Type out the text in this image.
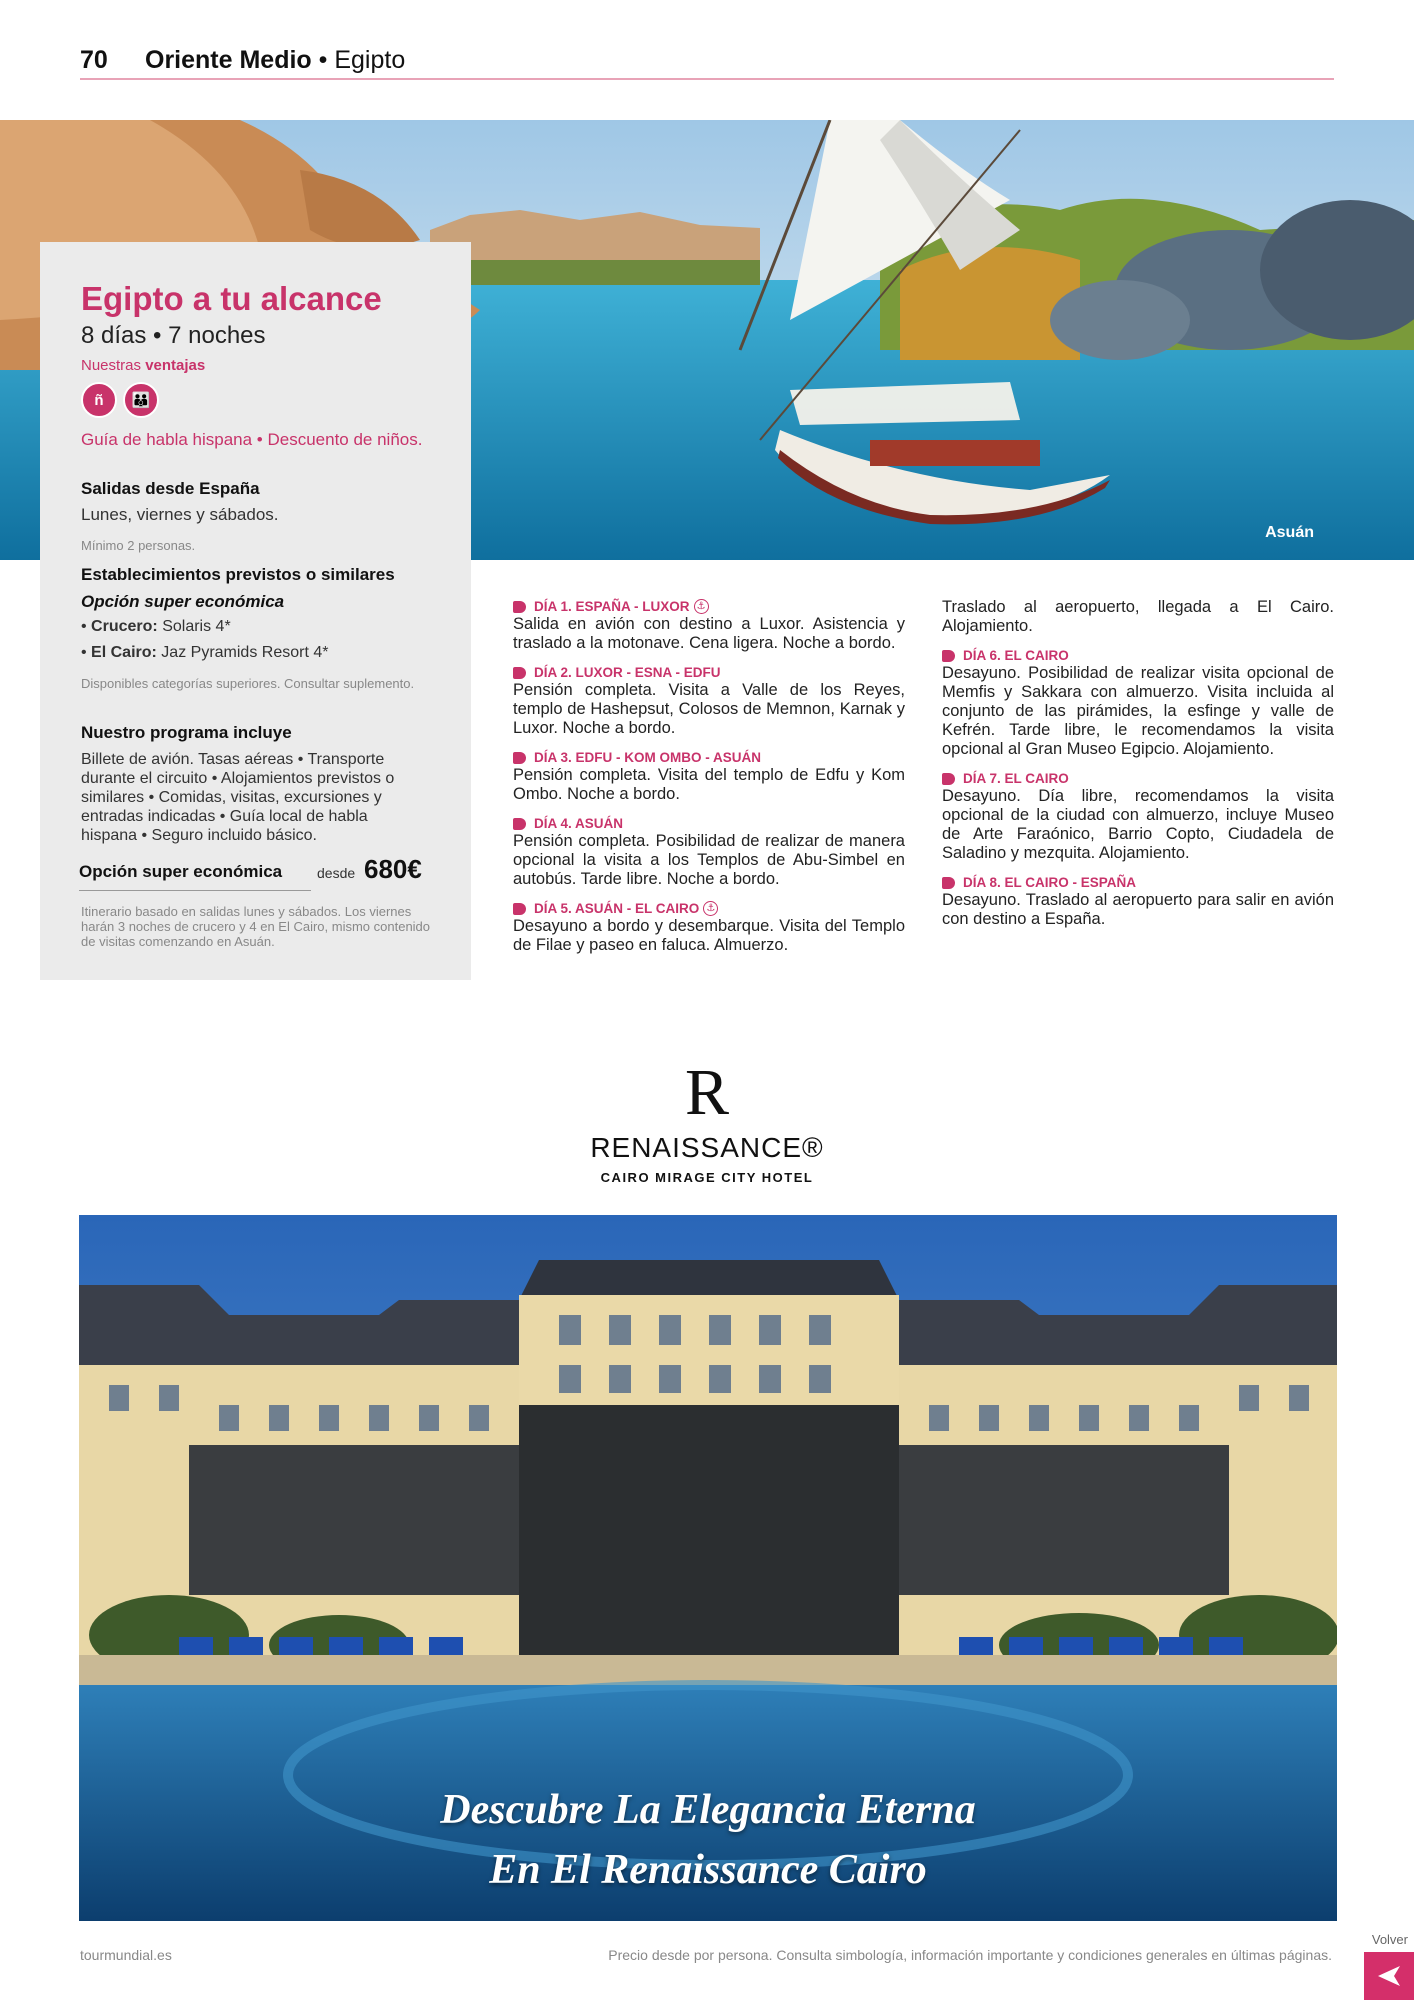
70 Oriente Medio • Egipto
Asuán
Egipto a tu alcance
8 días • 7 noches
Nuestras ventajas
ñ	👪
Guía de habla hispana • Descuento de niños.
Salidas desde España
Lunes, viernes y sábados.
Mínimo 2 personas.
Establecimientos previstos o similares
Opción super económica
• Crucero: Solaris 4*
• El Cairo: Jaz Pyramids Resort 4*
Disponibles categorías superiores. Consultar suplemento.
Nuestro programa incluye
Billete de avión. Tasas aéreas • Transporte durante el circuito • Alojamientos previstos o similares • Comidas, visitas, excursiones y entradas indicadas • Guía local de habla hispana • Seguro incluido básico.
Opción super económica desde 680€
Itinerario basado en salidas lunes y sábados. Los viernes harán 3 noches de crucero y 4 en El Cairo, mismo contenido de visitas comenzando en Asuán.
DÍA 1. ESPAÑA - LUXOR ⚓
Salida en avión con destino a Luxor. Asistencia y traslado a la motonave. Cena ligera. Noche a bordo.
DÍA 2. LUXOR - ESNA - EDFU
Pensión completa. Visita a Valle de los Reyes, templo de Hashepsut, Colosos de Memnon, Karnak y Luxor. Noche a bordo.
DÍA 3. EDFU - KOM OMBO - ASUÁN
Pensión completa. Visita del templo de Edfu y Kom Ombo. Noche a bordo.
DÍA 4. ASUÁN
Pensión completa. Posibilidad de realizar de manera opcional la visita a los Templos de Abu-Simbel en autobús. Tarde libre. Noche a bordo.
DÍA 5. ASUÁN - EL CAIRO ⚓
Desayuno a bordo y desembarque. Visita del Templo de Filae y paseo en faluca. Almuerzo.
Traslado al aeropuerto, llegada a El Cairo. Alojamiento.
DÍA 6. EL CAIRO
Desayuno. Posibilidad de realizar visita opcional de Memfis y Sakkara con almuerzo. Visita incluida al conjunto de las pirámides, la esfinge y valle de Kefrén. Tarde libre, le recomendamos la visita opcional al Gran Museo Egipcio. Alojamiento.
DÍA 7. EL CAIRO
Desayuno. Día libre, recomendamos la visita opcional de la ciudad con almuerzo, incluye Museo de Arte Faraónico, Barrio Copto, Ciudadela de Saladino y mezquita. Alojamiento.
DÍA 8. EL CAIRO - ESPAÑA
Desayuno. Traslado al aeropuerto para salir en avión con destino a España.
R
RENAISSANCE®
CAIRO MIRAGE CITY HOTEL
Descubre La Elegancia Eterna
En El Renaissance Cairo
tourmundial.es	Precio desde por persona. Consulta simbología, información importante y condiciones generales en últimas páginas.
Volver
